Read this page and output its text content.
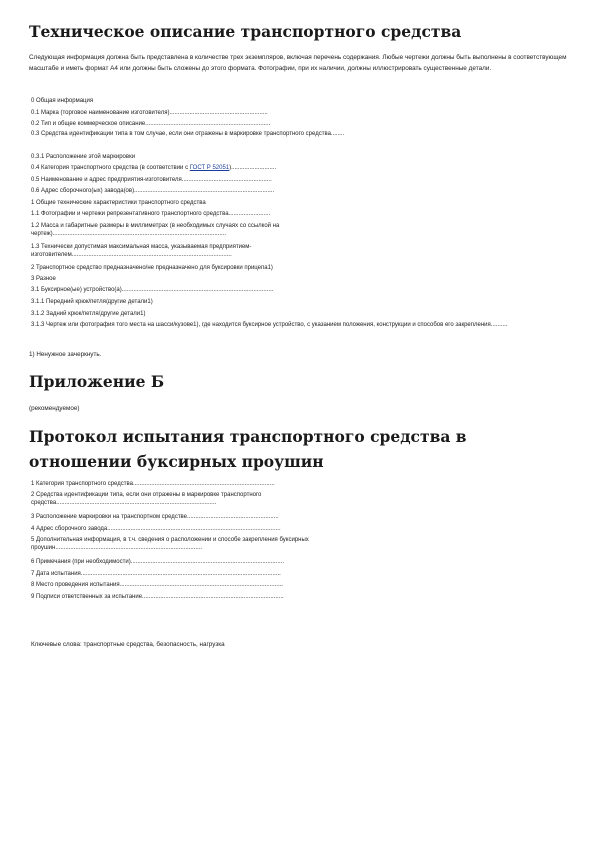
Техническое описание транспортного средства

Следующая информация должна быть представлена в количестве трех экземпляров, включая перечень содержания. Любые чертежи должны быть выполнены в соответствующем масштабе и иметь формат А4 или должны быть сложены до этого формата. Фотографии, при их наличии, должны иллюстрировать существенные детали.

0 Общая информация
0.1 Марка (торговое наименование изготовителя)...........................................................
0.2 Тип и общее коммерческое описание...........................................................................
0.3 Средства идентификации типа в том случае, если они отражены в маркировке транспортного средства........
0.3.1 Расположение этой маркировки
0.4 Категория транспортного средства (в соответствии с ГОСТ Р 52051)...........................
0.5 Наименование и адрес предприятия-изготовителя......................................................
0.6 Адрес сборочного(ых) завода(ов)....................................................................................
1 Общие технические характеристики транспортного средства
1.1 Фотографии и чертежи репрезентативного транспортного средства.........................
1.2 Масса и габаритные размеры в миллиметрах (в необходимых случаях со ссылкой на чертеж)........................................................................................................
1.3 Технически допустимая максимальная масса, указываемая предприятием-изготовителем................................................................................................
2 Транспортное средство предназначено/не предназначено для буксировки прицепа1)
3 Разное
3.1 Буксирное(ые) устройство(а)...........................................................................................
3.1.1 Передний крюк/петля/другие детали1)
3.1.2 Задний крюк/петля/другие детали1)
3.1.3 Чертеж или фотография того места на шасси/кузове1), где находится буксирное устройство, с указанием положения, конструкции и способов его закрепления..........
1) Ненужное зачеркнуть.
Приложение Б
(рекомендуемое)
Протокол испытания транспортного средства в отношении буксирных проушин
1 Категория транспортного средства.....................................................................................
2 Средства идентификации типа, если они отражены в маркировке транспортного средства................................................................................................
3 Расположение маркировки на транспортном средстве.......................................................
4 Адрес сборочного завода........................................................................................................
5 Дополнительная информация, в т.ч. сведения о расположении и способе закрепления буксирных проушин........................................................................................
6 Примечания (при необходимости)............................................................................................
7 Дата испытания........................................................................................................................
8 Место проведения испытания..................................................................................................
9 Подписи ответственных за испытание.....................................................................................
Ключевые слова: транспортные средства, безопасность, нагрузка
